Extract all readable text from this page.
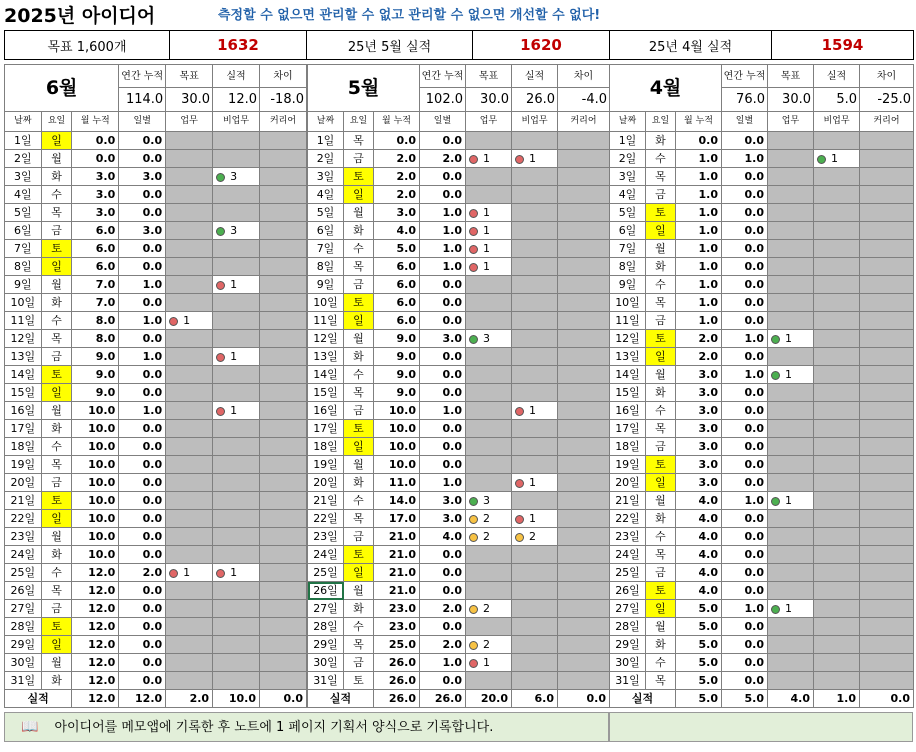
2025년 아이디어	측정할 수 없으면 관리할 수 없고 관리할 수 없으면 개선할 수 없다!
목표 1,600개	1632	25년 5월 실적	1620	25년 4월 실적	1594
6월			연간 누적	목표	실적	차이
			114.0	30.0	12.0	-18.0
날짜	요일	월 누적	일별	업무	비업무	커리어
1일	일	0.0	0.0			
2일	월	0.0	0.0			
3일	화	3.0	3.0		3	
4일	수	3.0	0.0			
5일	목	3.0	0.0			
6일	금	6.0	3.0		3	
7일	토	6.0	0.0			
8일	일	6.0	0.0			
9일	월	7.0	1.0		1	
10일	화	7.0	0.0			
11일	수	8.0	1.0	1		
12일	목	8.0	0.0			
13일	금	9.0	1.0		1	
14일	토	9.0	0.0			
15일	일	9.0	0.0			
16일	월	10.0	1.0		1	
17일	화	10.0	0.0			
18일	수	10.0	0.0			
19일	목	10.0	0.0			
20일	금	10.0	0.0			
21일	토	10.0	0.0			
22일	일	10.0	0.0			
23일	월	10.0	0.0			
24일	화	10.0	0.0			
25일	수	12.0	2.0	1	1	
26일	목	12.0	0.0			
27일	금	12.0	0.0			
28일	토	12.0	0.0			
29일	일	12.0	0.0			
30일	월	12.0	0.0			
31일	화	12.0	0.0			
실적		12.0	12.0	2.0	10.0	0.0
5월			연간 누적	목표	실적	차이
			102.0	30.0	26.0	-4.0
날짜	요일	월 누적	일별	업무	비업무	커리어
1일	목	0.0	0.0			
2일	금	2.0	2.0	1	1	
3일	토	2.0	0.0			
4일	일	2.0	0.0			
5일	월	3.0	1.0	1		
6일	화	4.0	1.0	1		
7일	수	5.0	1.0	1		
8일	목	6.0	1.0	1		
9일	금	6.0	0.0			
10일	토	6.0	0.0			
11일	일	6.0	0.0			
12일	월	9.0	3.0	3		
13일	화	9.0	0.0			
14일	수	9.0	0.0			
15일	목	9.0	0.0			
16일	금	10.0	1.0		1	
17일	토	10.0	0.0			
18일	일	10.0	0.0			
19일	월	10.0	0.0			
20일	화	11.0	1.0		1	
21일	수	14.0	3.0	3		
22일	목	17.0	3.0	2	1	
23일	금	21.0	4.0	2	2	
24일	토	21.0	0.0			
25일	일	21.0	0.0			
26일	월	21.0	0.0			
27일	화	23.0	2.0	2		
28일	수	23.0	0.0			
29일	목	25.0	2.0	2		
30일	금	26.0	1.0	1		
31일	토	26.0	0.0			
실적		26.0	26.0	20.0	6.0	0.0
4월			연간 누적	목표	실적	차이
			76.0	30.0	5.0	-25.0
날짜	요일	월 누적	일별	업무	비업무	커리어
1일	화	0.0	0.0			
2일	수	1.0	1.0		1	
3일	목	1.0	0.0			
4일	금	1.0	0.0			
5일	토	1.0	0.0			
6일	일	1.0	0.0			
7일	월	1.0	0.0			
8일	화	1.0	0.0			
9일	수	1.0	0.0			
10일	목	1.0	0.0			
11일	금	1.0	0.0			
12일	토	2.0	1.0	1		
13일	일	2.0	0.0			
14일	월	3.0	1.0	1		
15일	화	3.0	0.0			
16일	수	3.0	0.0			
17일	목	3.0	0.0			
18일	금	3.0	0.0			
19일	토	3.0	0.0			
20일	일	3.0	0.0			
21일	월	4.0	1.0	1		
22일	화	4.0	0.0			
23일	수	4.0	0.0			
24일	목	4.0	0.0			
25일	금	4.0	0.0			
26일	토	4.0	0.0			
27일	일	5.0	1.0	1		
28일	월	5.0	0.0			
29일	화	5.0	0.0			
30일	수	5.0	0.0			
31일	목	5.0	0.0			
실적		5.0	5.0	4.0	1.0	0.0
📖 아이디어를 메모앱에 기록한 후 노트에 1 페이지 기획서 양식으로 기록합니다.
